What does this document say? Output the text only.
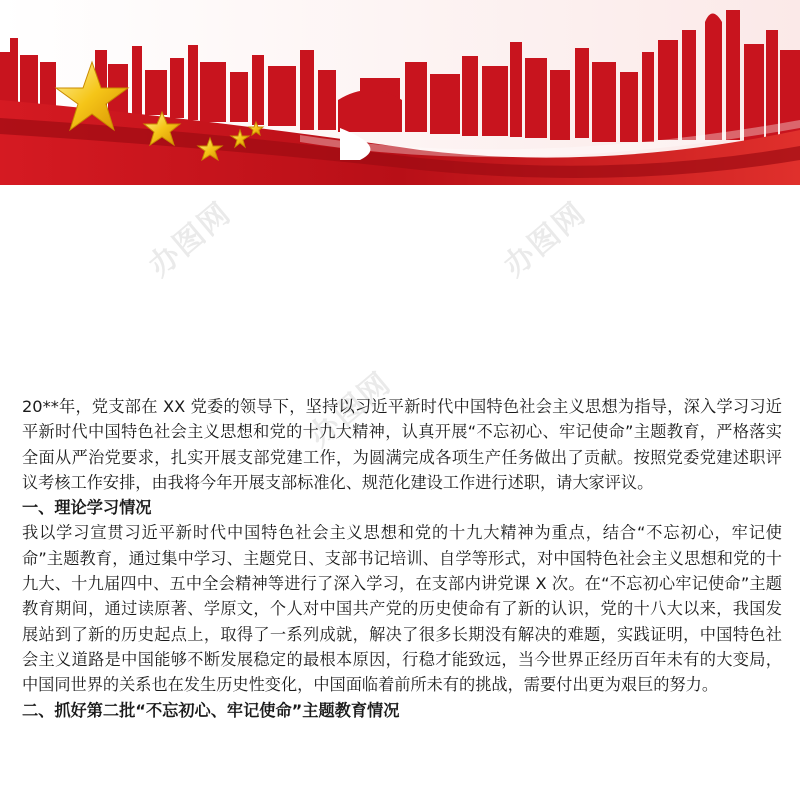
办图网	办图网
办图网

20**年，党支部在 XX 党委的领导下，坚持以习近平新时代中国特色社会主义思想为指导，深入学习习近平新时代中国特色社会主义思想和党的十九大精神，认真开展“不忘初心、牢记使命”主题教育，严格落实全面从严治党要求，扎实开展支部党建工作，为圆满完成各项生产任务做出了贡献。按照党委党建述职评议考核工作安排，由我将今年开展支部标准化、规范化建设工作进行述职，请大家评议。

一、理论学习情况

我以学习宣贯习近平新时代中国特色社会主义思想和党的十九大精神为重点，结合“不忘初心，牢记使命”主题教育，通过集中学习、主题党日、支部书记培训、自学等形式，对中国特色社会主义思想和党的十九大、十九届四中、五中全会精神等进行了深入学习，在支部内讲党课 X 次。在“不忘初心牢记使命”主题教育期间，通过读原著、学原文，个人对中国共产党的历史使命有了新的认识，党的十八大以来，我国发展站到了新的历史起点上，取得了一系列成就，解决了很多长期没有解决的难题，实践证明，中国特色社会主义道路是中国能够不断发展稳定的最根本原因，行稳才能致远，当今世界正经历百年未有的大变局，中国同世界的关系也在发生历史性变化，中国面临着前所未有的挑战，需要付出更为艰巨的努力。

二、抓好第二批“不忘初心、牢记使命”主题教育情况
